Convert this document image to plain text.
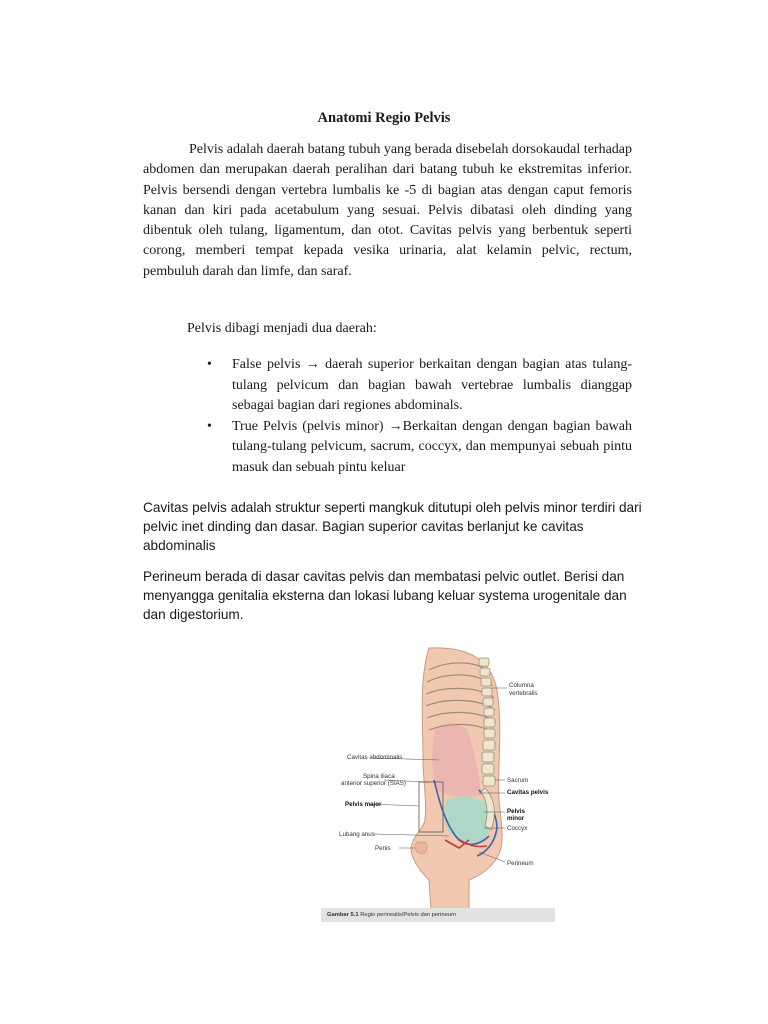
Anatomi Regio Pelvis
Pelvis adalah daerah batang tubuh yang berada disebelah dorsokaudal terhadap abdomen dan merupakan daerah peralihan dari batang tubuh ke ekstremitas inferior. Pelvis bersendi dengan vertebra lumbalis ke -5 di bagian atas dengan caput femoris kanan dan kiri pada acetabulum yang sesuai. Pelvis dibatasi oleh dinding yang dibentuk oleh tulang, ligamentum, dan otot. Cavitas pelvis yang berbentuk seperti corong, memberi tempat kepada vesika urinaria, alat kelamin pelvic, rectum, pembuluh darah dan limfe, dan saraf.
Pelvis dibagi menjadi dua daerah:
• False pelvis → daerah superior berkaitan dengan bagian atas tulang-tulang pelvicum dan bagian bawah vertebrae lumbalis dianggap sebagai bagian dari regiones abdominals.
• True Pelvis (pelvis minor) →Berkaitan dengan dengan bagian bawah tulang-tulang pelvicum, sacrum, coccyx, dan mempunyai sebuah pintu masuk dan sebuah pintu keluar
Cavitas pelvis adalah struktur seperti mangkuk ditutupi oleh pelvis minor terdiri dari pelvic inet dinding dan dasar. Bagian superior cavitas berlanjut ke cavitas abdominalis
Perineum berada di dasar cavitas pelvis dan membatasi pelvic outlet. Berisi dan menyangga genitalia eksterna dan lokasi lubang keluar systema urogenitale dan dan digestorium.
Columna
vertebralis
Cavitas abdominalis
Spina iliaca
anterior superior (SIAS)	Sacrum
Cavitas pelvis
Pelvis major
Pelvis
minor
Coccyx
Lubang anus
Penis
Perineum
Gambar 5.1 Regio perinealis/Pelvis dan perineum
